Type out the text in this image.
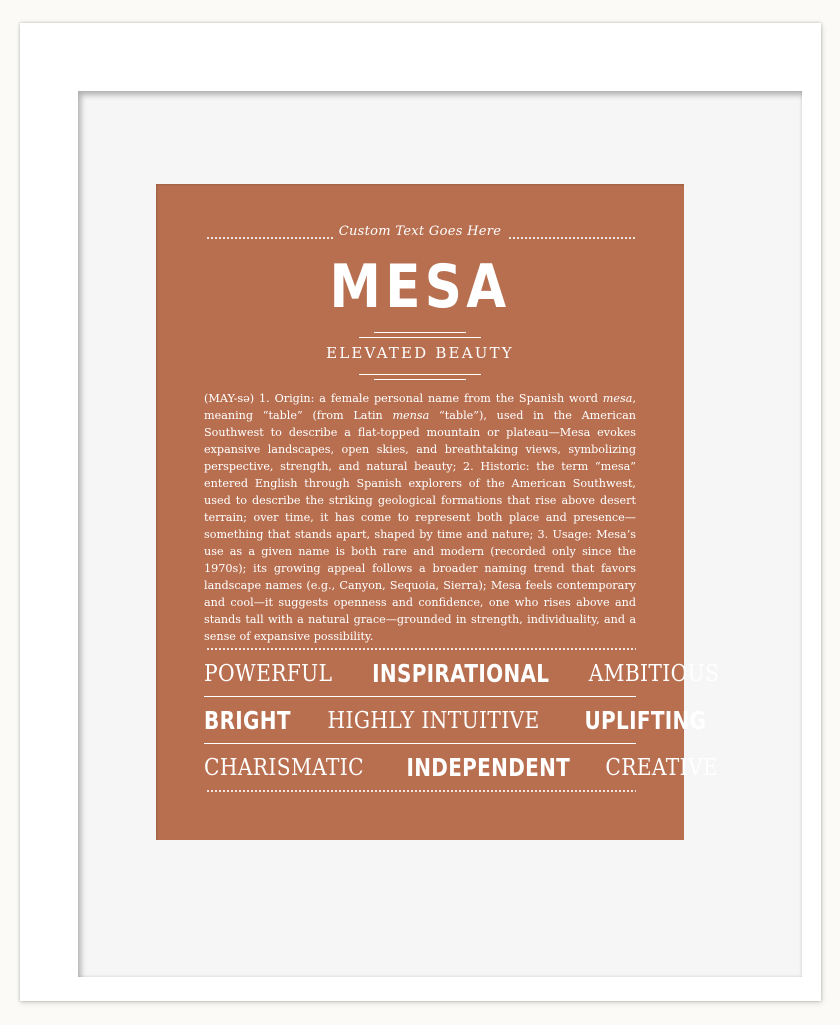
Custom Text Goes Here
MESA
ELEVATED BEAUTY

(MAY-sə) 1. Origin: a female personal name from the Spanish word mesa, meaning “table” (from Latin mensa “table”), used in the American Southwest to describe a flat-topped mountain or plateau—Mesa evokes expansive landscapes, open skies, and breathtaking views, symbolizing perspective, strength, and natural beauty; 2. Historic: the term “mesa” entered English through Spanish explorers of the American Southwest, used to describe the striking geological formations that rise above desert terrain; over time, it has come to represent both place and presence—something that stands apart, shaped by time and nature; 3. Usage: Mesa’s use as a given name is both rare and modern (recorded only since the 1970s); its growing appeal follows a broader naming trend that favors landscape names (e.g., Canyon, Sequoia, Sierra); Mesa feels contemporary and cool—it suggests openness and confidence, one who rises above and stands tall with a natural grace—grounded in strength, individuality, and a sense of expansive possibility.

POWERFUL INSPIRATIONAL AMBITIOUS
BRIGHT HIGHLY INTUITIVE UPLIFTING
CHARISMATIC INDEPENDENT CREATIVE
